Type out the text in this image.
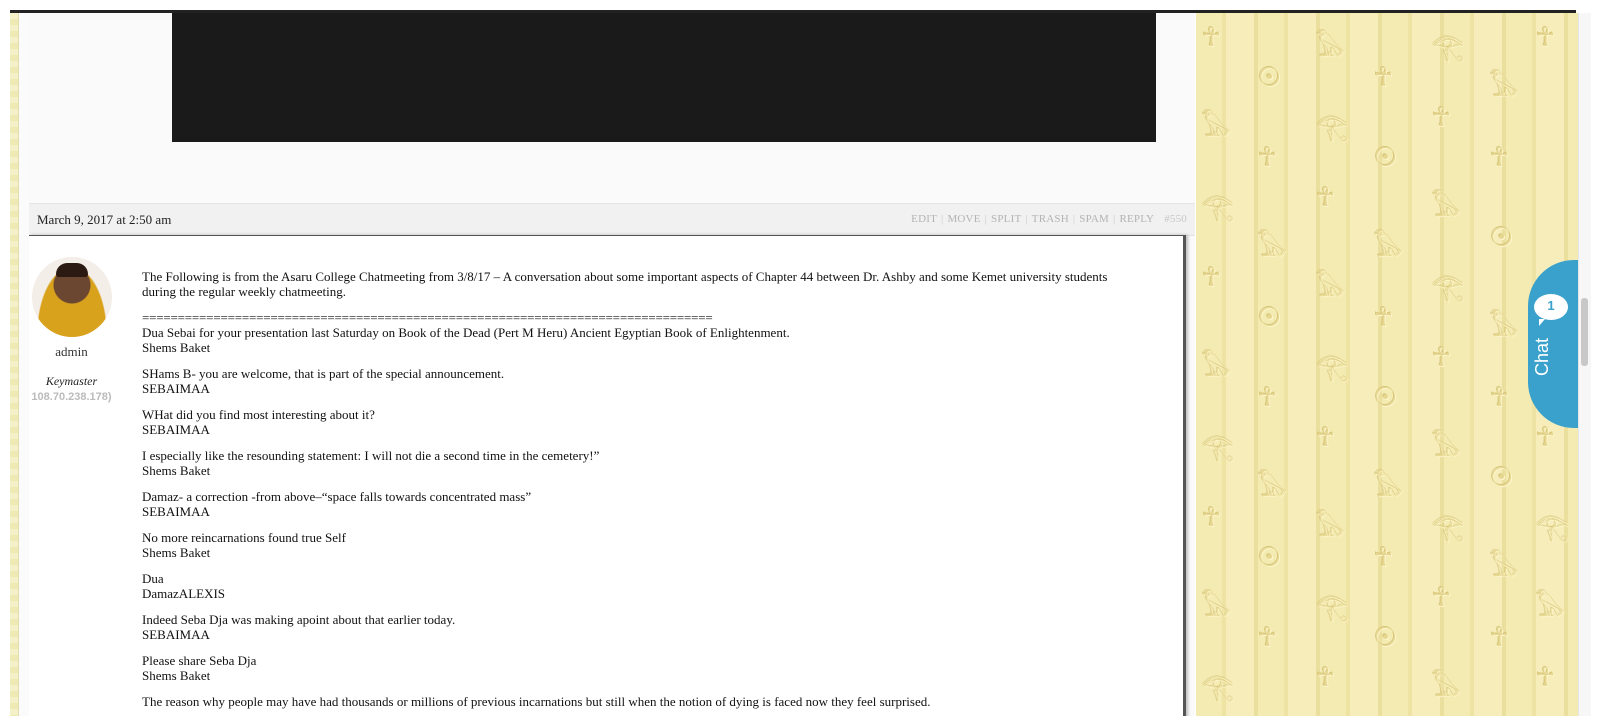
March 9, 2017 at 2:50 am	EDIT | MOVE | SPLIT | TRASH | SPAM | REPLY #550
admin
Keymaster
108.70.238.178)

The Following is from the Asaru College Chatmeeting from 3/8/17 – A conversation about some important aspects of Chapter 44 between Dr. Ashby and some Kemet university students during the regular weekly chatmeeting.

================================================================================

Dua Sebai for your presentation last Saturday on Book of the Dead (Pert M Heru) Ancient Egyptian Book of Enlightenment.
Shems Baket

SHams B- you are welcome, that is part of the special announcement.
SEBAIMAA

WHat did you find most interesting about it?
SEBAIMAA

I especially like the resounding statement: I will not die a second time in the cemetery!”
Shems Baket

Damaz- a correction -from above–“space falls towards concentrated mass”
SEBAIMAA

No more reincarnations found true Self
Shems Baket

Dua
DamazALEXIS

Indeed Seba Dja was making apoint about that earlier today.
SEBAIMAA

Please share Seba Dja
Shems Baket

The reason why people may have had thousands or millions of previous incarnations but still when the notion of dying is faced now they feel surprised.

☥
𓅃
𓂀
☥
𓅃
𓂀
☥
𓅃
𓂀
☉
☥
𓅃
☉
☥
𓅃
☉
☥
𓅃
𓂀
☥
𓅃
𓂀
☥
𓅃
𓂀
☥
☥
☉
𓅃
☥
☉
𓅃
☥
☉
𓂀
☥
𓅃
𓂀
☥
𓅃
𓂀
☥
𓅃
𓅃
☥
☉
𓅃
☥
☉
𓅃
☥
☥
☥
𓂀
𓅃
☥
1
Chat
